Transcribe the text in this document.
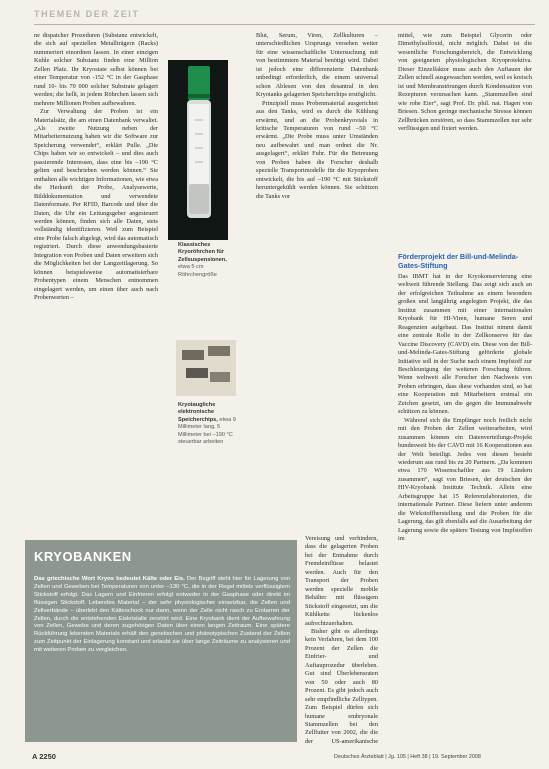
THEMEN DER ZEIT

ne dispatcher Prozeduren (Substanz entwickelt, die sich auf speziellen Metallträgern (Racks) nummeriert einordnen lassen. In einer einzigen Kuhle solcher Substanz finden eine Million Zellen Platz. Ihr Kryostate selbst können bei einer Temperatur von -152 °C in der Gasphase rund 10- bis 70 000 solcher Substrate gelagert werden; die hellt, in jedem Röhrchen lassen sich mehrere Millionen Proben aufbewahren.

Zur Verwaltung der Proben ist ein Materialsätz, die am einen Datenbank verwaltet. „Als zweite Nutzung neben der Mitarbeiternutzung haben wir die Software zur Speicherung verwendet“, erklärt Pulle. „Die Chips haben wir so entwickelt – und dies auch passierende Interessen, dass eine bis –190 °C gelten und beschrieben werden können.“ Sie enthalten alle wichtigen Informationen, wie etwa die Herkunft der Probe, Analysewerte, Bilddokumentation und verwendete Datenformate. Per RFID, Barcode und über die Daten, die Uhr ein Leitungsgeber angesteuert werden können, finden sich alle Daten, stets vollständig identifizieren. Weil zum Beispiel eine Probe falsch abgelegt, wird das automatisch registriert. Durch diese anwendungsbasierte Integration von Proben und Daten erweitern sich die Möglichkeiten bei der Langzeitlagerung. So können beispielsweise automatisierbare Probentypen einem Menschen entnommen eingelagert werden, um einen über auch nach Probenwerten –

Klassisches Kryoröhrchen für Zellsuspensionen, etwa 5 cm Röhrchengröße
Kryotaugliche elektronische Speicherchips, etwa 9 Millimeter lang, 5 Millimeter bei –190 °C steuerbar arbeiten

Blut, Serum, Viren, Zellkulturen – unterschiedlichen Ursprungs versehen weiter für eine wissenschaftliche Untersuchung mit von bestimmtem Material benötigt wird. Dabei ist jedoch eine differenzierte Datenbank unbedingt erforderlich, die einem universal schon Ablesen von den desantral in den Kryotanks gelagerten Speicherchips erstöglicht.

Prinzipiell muss Probenmaterial ausgerichtet aus den Tanks, wird es durch die Kühlung erwärmt, und an die Probenkryovials in kritische Temperaturen von rund –50 °C erwärmt. „Die Probe muss unter Umständen neu aufbewahrt und man ordnet die Nr. ausgelagert“, erklärt Fuhr. Für die Betreuung von Proben haben die Forscher deshalb spezielle Transportmodelle für die Kryoproben entwickelt, die bis auf –190 °C mit Stickstoff heruntergekühlt werden können. Sie schützen die Tanks vor

Vereisung und verhindern, dass die gelagerten Proben bei der Entnahme durch Fremdeinflüsse belastet werden. Auch für den Transport der Proben werden spezielle mobile Behälter mit flüssigem Stickstoff eingesetzt, um die Kühlkette lückenlos aufrechtzuerhalten.

Bisher gibt es allerdings kein Verfahren, bei dem 100 Prozent der Zellen die Einfrier- und Auftauprozedur überleben. Gut sind Überlebensraten von 50 oder auch 80 Prozent. Es gibt jedoch auch sehr empfindliche Zelltypen. Zum Beispiel dürfen sich humane embryonale Stammzellen bei den Zellfutter von 2002, die die der US-amerikanische

mittel, wie zum Beispiel Glycerin oder Dimethylsulfoxid, nicht möglich. Dabei ist die wesentliche Forschungsbereich, die Entwicklung von geeigneten physiologischen Kryoprotektiva. Dieser Einzelfaktor muss auch den Auftauen der Zellen schnell ausgewaschen werden, weil es kreisch ist und Membranstörungen durch Kondensation von Rezepturen verursachen kann. „Stammzellen sind wie rohe Eier“, sagt Prof. Dr. phil. nat. Hagen von Briesen. Schon geringe mechanische Stresse können Zellbrücken zerstören, so dass Stammzellen nur sehr verflüssigen und fixiert werden.

Förderprojekt der Bill-und-Melinda-Gates-Stiftung

Das IBMT hat in der Kryokonservierung eine weltweit führende Stellung. Das zeigt sich auch an der erfolgreichen Teilnahme an einem besonders großen und langjährig angelegten Projekt, die das Institut zusammen mit einer internationalen Kryobank für HI-Viren, humane Seren und Reagenzien aufgebaut. Das Institut nimmt damit eine zentrale Rolle in der Zellkonserve für das Vaccine Discovery (CAVD) ein. Diese von der Bill-und-Melinda-Gates-Stiftung geförderte globale Initiative soll in der Suche nach einem Impfstoff zur Beschleunigung der weiteren Forschung führen. Wenn weltweit alle Forscher den Nachweis von Proben erbringen, dass diese vorhanden sind, so hat eine Kooperation mit Mitarbeitern erstmal ein Zeichen gesetzt, um die gegen die Immunabwehr schützen zu können.

Während sich die Empfänger noch freilich nicht mit den Proben der Zellen weiterarbeiten, wird zusammen können ein Datenverteilungs-Projekt bundesweit bis der CAVD mit 16 Kooperationen aus der Welt beteiligt. Jedes von diesen besteht wiederum aus rund bis zu 20 Partnern. „Da kommen etwa 170 Wissenschaftler aus 19 Ländern zusammen“, sagt von Briesen, der deutschen der HIV-Kryobank Institute Technik. Allein eine Arbeitsgruppe hat 15 Referenzlaboratorien, die internationale Partner. Diese liefern unter anderem die Wirkstoffherstellung und die Proben für die Lagerung, das gilt ebenfalls auf die Ausarbeitung der Lagerung sowie die spätere Testung von Impfstoffen im

KRYOBANKEN
Das griechische Wort Kryos bedeutet Kälte oder Eis. Der Begriff steht hier für Lagerung von Zellen und Geweben bei Temperaturen von unter –130 °C, die in der Regel mittels verflüssigtem Stickstoff erfolgt. Das Lagern und Einfrieren erfolgt entweder in der Gasphase oder direkt im flüssigen Stickstoff. Lebendes Material – der sehr physiologischer einsetzbar, die Zellen und Zellverbände – überlebt den Kälteschock nur dann, wenn der Zelle nicht rasch zu Erstarren der Zellen, durch die entstehenden Eiskristalle zerstört wird. Eine Kryobank dient der Aufbewahrung von Zellen, Gewebe und deren zugehörigen Daten über einen langen Zeitraum. Eine spätere Rückführung lebenden Materials erhält den genetischen und phänotypischen Zustand der Zellen zum Zeitpunkt der Einlagerung konstant und erlaubt sie über lange Zeiträume zu analysieren und mit weiteren Proben zu vergleichen.
A 2250	Deutsches Ärzteblatt | Jg. 105 | Heft 38 | 19. September 2008
